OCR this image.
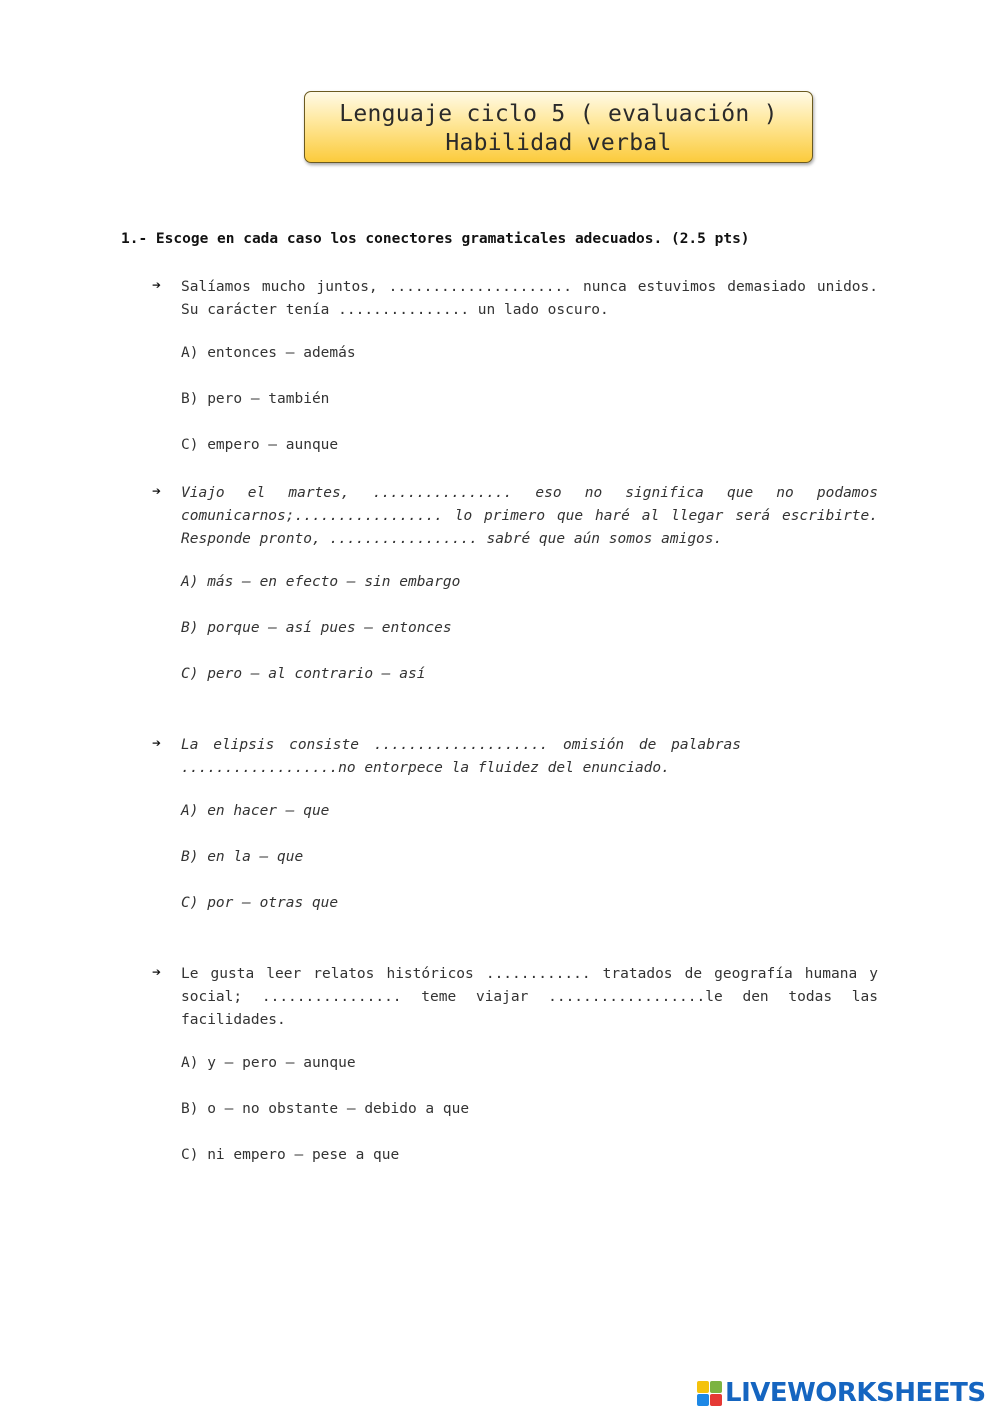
Lenguaje ciclo 5 ( evaluación )
Habilidad verbal
1.- Escoge en cada caso los conectores gramaticales adecuados. (2.5 pts)
➔ Salíamos mucho juntos, ..................... nunca estuvimos demasiado unidos. Su carácter tenía ............... un lado oscuro.
A) entonces – además
B) pero – también
C) empero – aunque
➔ Viajo el martes, ................ eso no significa que no podamos comunicarnos;................. lo primero que haré al llegar será escribirte. Responde pronto, ................. sabré que aún somos amigos.
A) más – en efecto – sin embargo
B) porque – así pues – entonces
C) pero – al contrario – así
➔ La elipsis consiste .................... omisión de palabras ..................no entorpece la fluidez del enunciado.
A) en hacer – que
B) en la – que
C) por – otras que
➔ Le gusta leer relatos históricos ............ tratados de geografía humana y social; ................ teme viajar ..................le den todas las facilidades.
A) y – pero – aunque
B) o – no obstante – debido a que
C) ni empero – pese a que
LIVEWORKSHEETS
